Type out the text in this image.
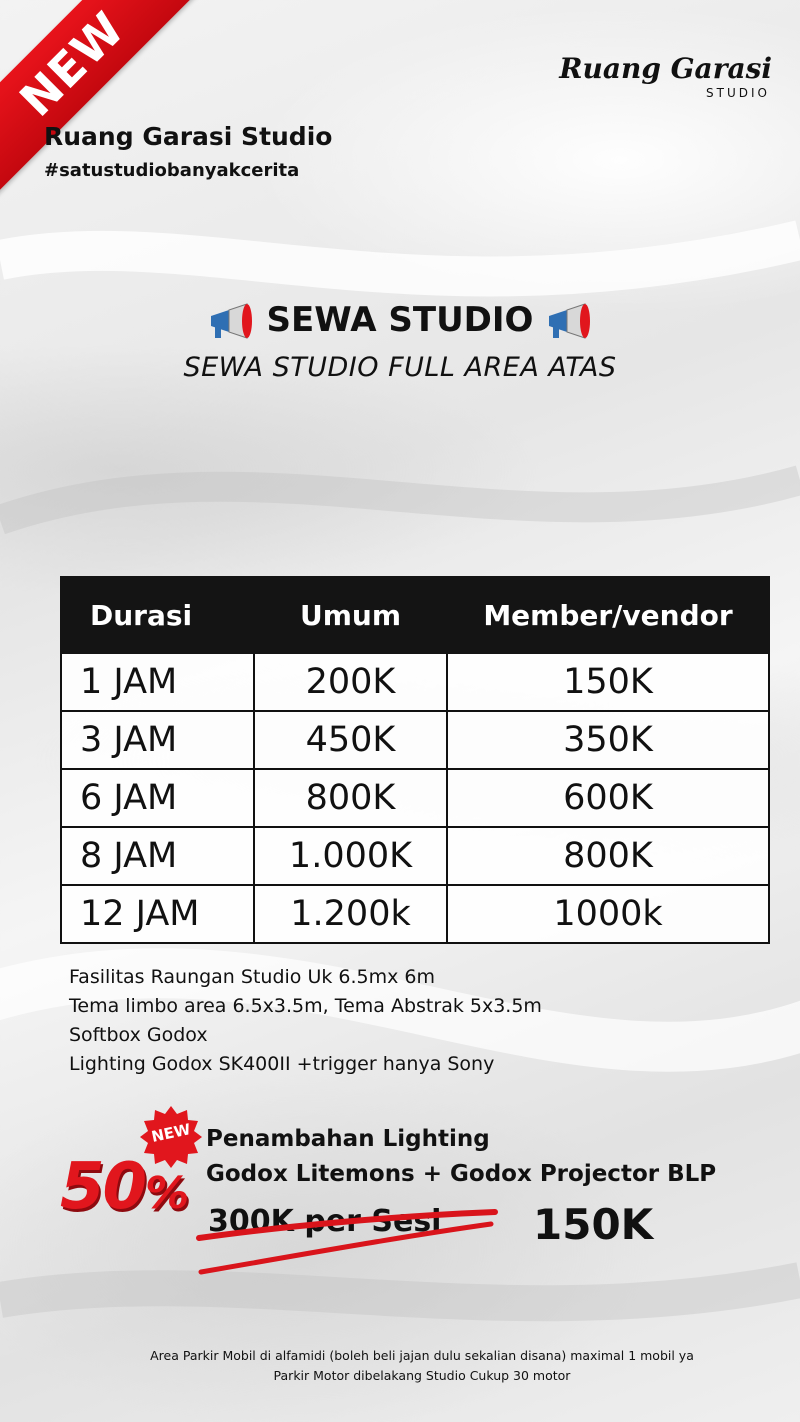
NEW
Ruang Garasi Studio
#satustudiobanyakcerita
Ruang Garasi
STUDIO
SEWA STUDIO
SEWA STUDIO FULL AREA ATAS
Durasi	Umum	Member/vendor
1 JAM	200K	150K
3 JAM	450K	350K
6 JAM	800K	600K
8 JAM	1.000K	800K
12 JAM	1.200k	1000k
Fasilitas Raungan Studio Uk 6.5mx 6m
Tema limbo area 6.5x3.5m, Tema Abstrak 5x3.5m
Softbox Godox
Lighting Godox SK400II +trigger hanya Sony
NEW
50%
Penambahan Lighting
Godox Litemons + Godox Projector BLP
300K per Sesi 150K
Area Parkir Mobil di alfamidi (boleh beli jajan dulu sekalian disana) maximal 1 mobil ya
Parkir Motor dibelakang Studio Cukup 30 motor
